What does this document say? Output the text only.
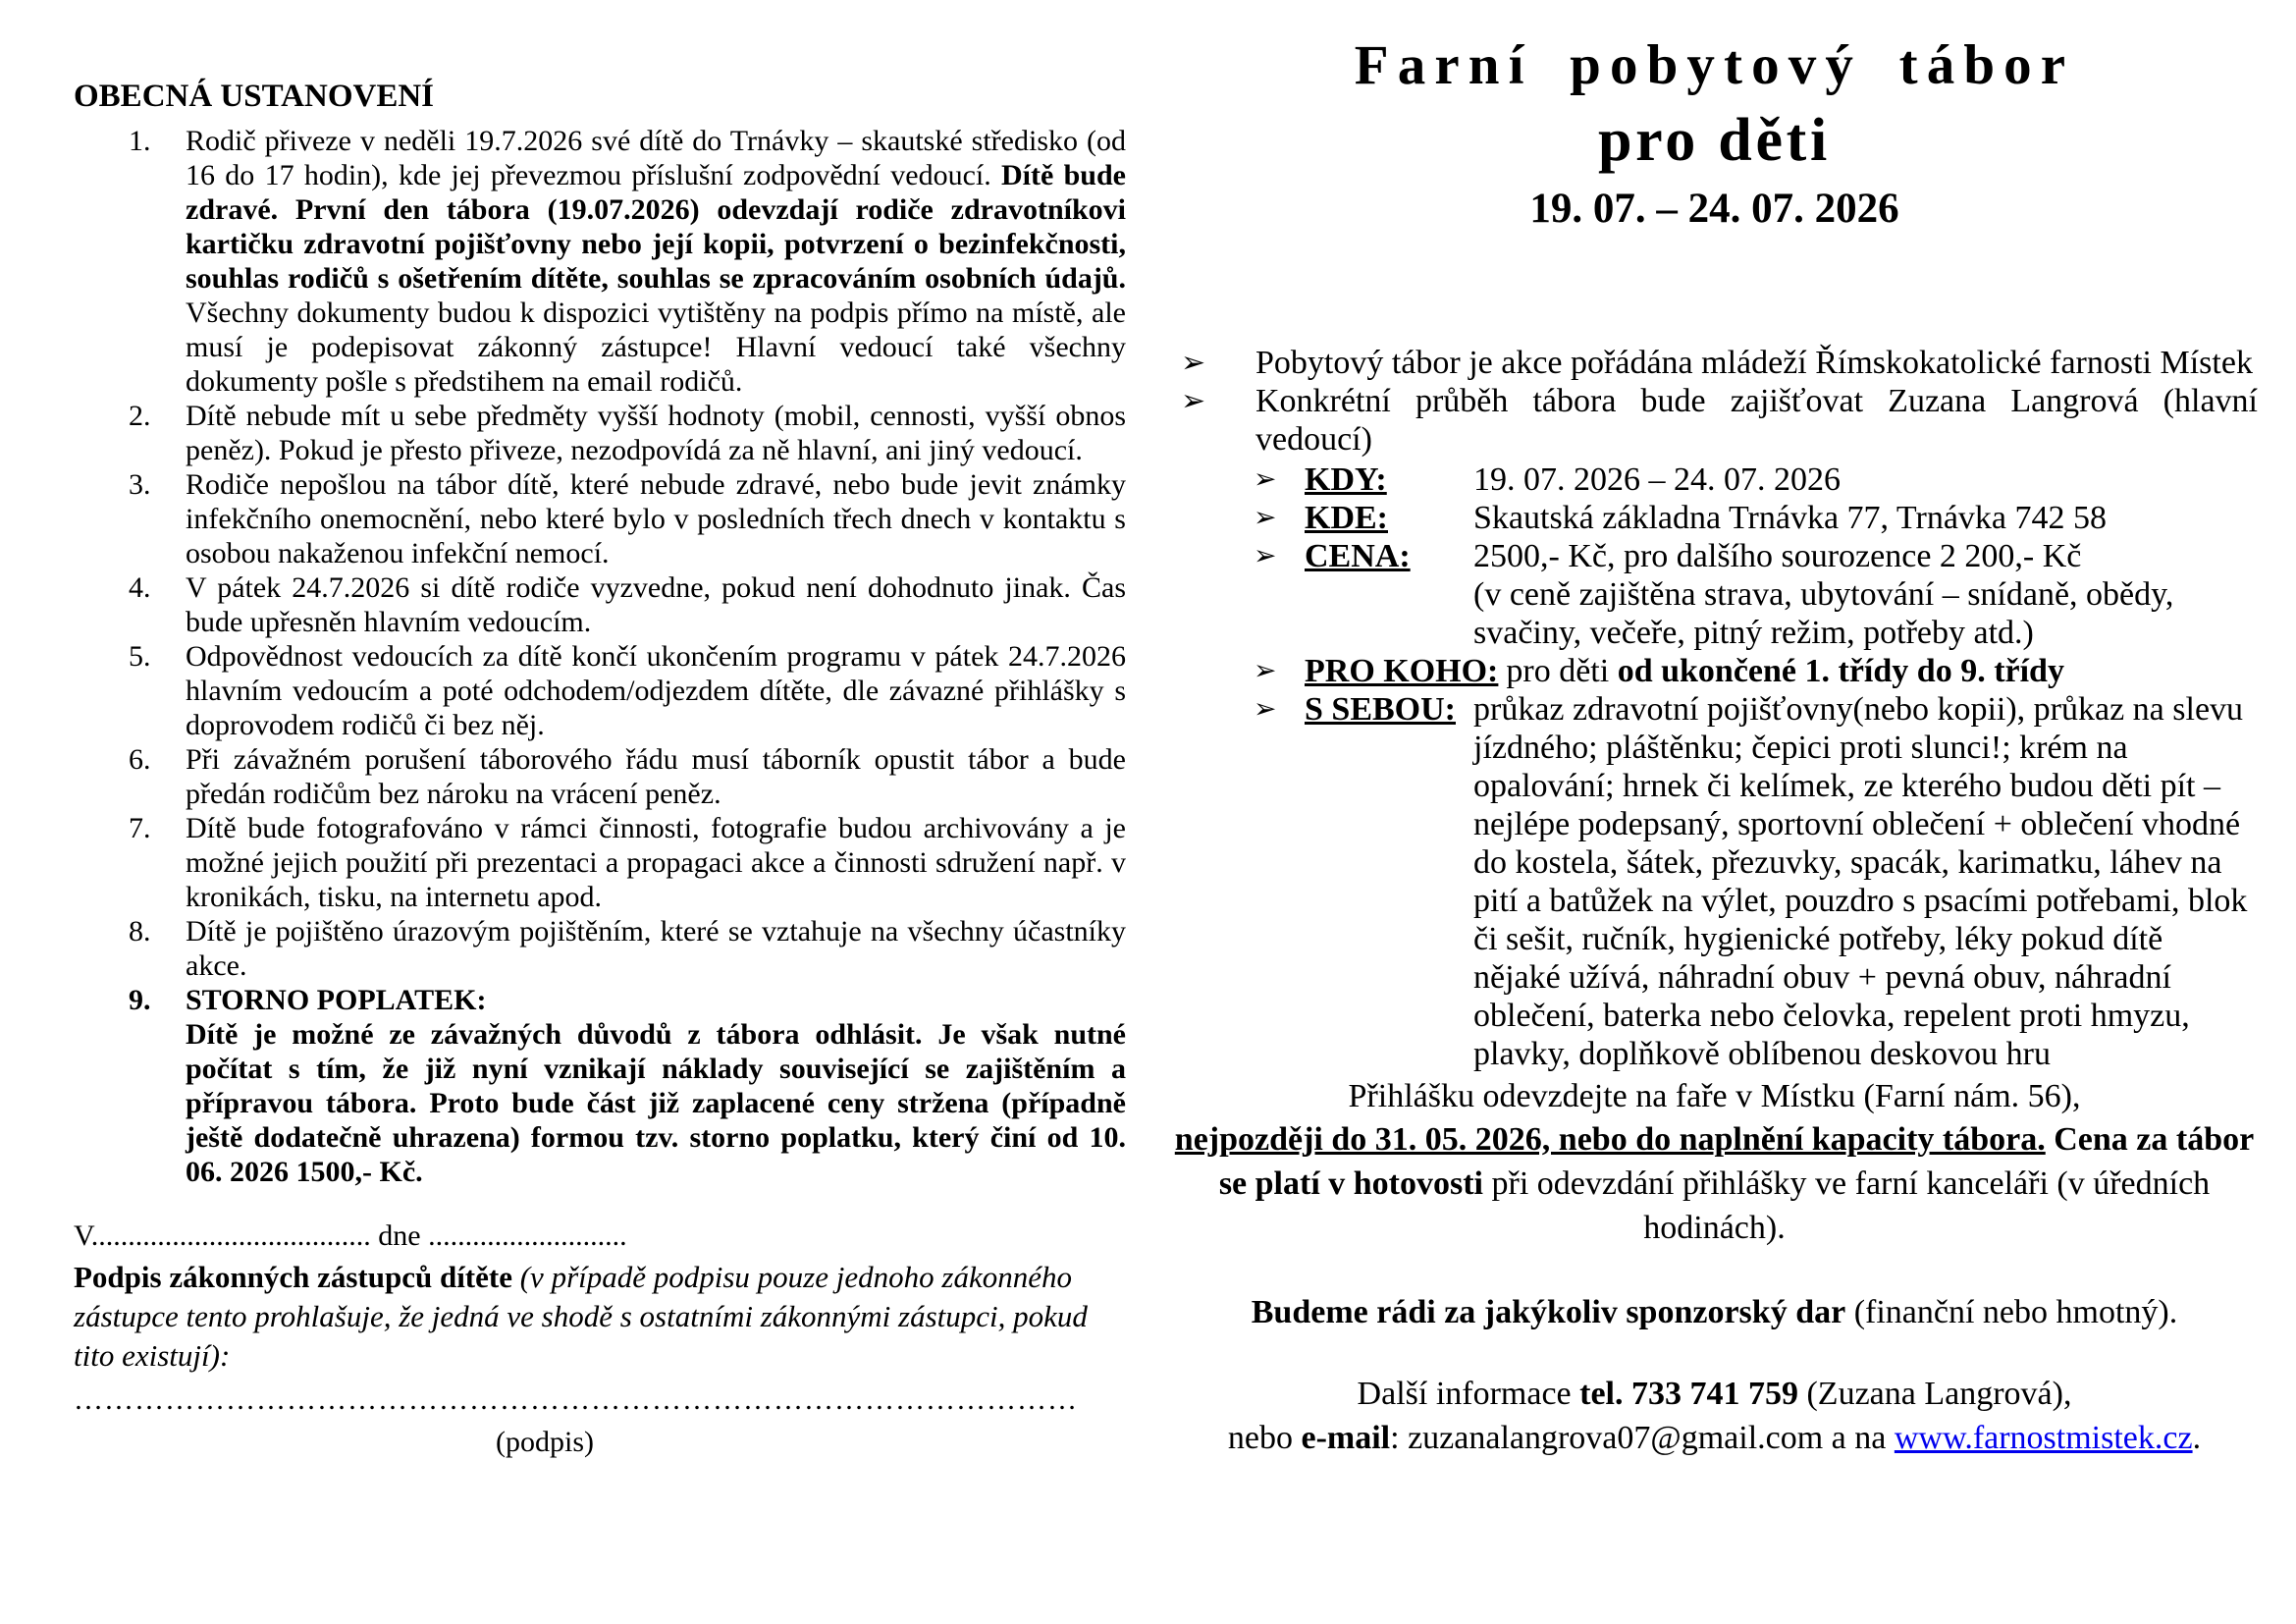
OBECNÁ USTANOVENÍ
1.	Rodič přiveze v neděli 19.7.2026 své dítě do Trnávky – skautské středisko (od 16 do 17 hodin), kde jej převezmou příslušní zodpovědní vedoucí. Dítě bude zdravé. První den tábora (19.07.2026) odevzdají rodiče zdravotníkovi kartičku zdravotní pojišťovny nebo její kopii, potvrzení o bezinfekčnosti, souhlas rodičů s ošetřením dítěte, souhlas se zpracováním osobních údajů. Všechny dokumenty budou k dispozici vytištěny na podpis přímo na místě, ale musí je podepisovat zákonný zástupce! Hlavní vedoucí také všechny dokumenty pošle s předstihem na email rodičů.
2.	Dítě nebude mít u sebe předměty vyšší hodnoty (mobil, cennosti, vyšší obnos peněz). Pokud je přesto přiveze, nezodpovídá za ně hlavní, ani jiný vedoucí.
3.	Rodiče nepošlou na tábor dítě, které nebude zdravé, nebo bude jevit známky infekčního onemocnění, nebo které bylo v posledních třech dnech v kontaktu s osobou nakaženou infekční nemocí.
4.	V pátek 24.7.2026 si dítě rodiče vyzvedne, pokud není dohodnuto jinak. Čas bude upřesněn hlavním vedoucím.
5.	Odpovědnost vedoucích za dítě končí ukončením programu v pátek 24.7.2026 hlavním vedoucím a poté odchodem/odjezdem dítěte, dle závazné přihlášky s doprovodem rodičů či bez něj.
6.	Při závažném porušení táborového řádu musí táborník opustit tábor a bude předán rodičům bez nároku na vrácení peněz.
7.	Dítě bude fotografováno v rámci činnosti, fotografie budou archivovány a je možné jejich použití při prezentaci a propagaci akce a činnosti sdružení např. v kronikách, tisku, na internetu apod.
8.	Dítě je pojištěno úrazovým pojištěním, které se vztahuje na všechny účastníky akce.
9.	STORNO POPLATEK:
Dítě je možné ze závažných důvodů z tábora odhlásit. Je však nutné počítat s tím, že již nyní vznikají náklady související se zajištěním a přípravou tábora. Proto bude část již zaplacené ceny stržena (případně ještě dodatečně uhrazena) formou tzv. storno poplatku, který činí od 10. 06. 2026 1500,- Kč.
V...................................... dne ...........................
Podpis zákonných zástupců dítěte (v případě podpisu pouze jednoho zákonného zástupce tento prohlašuje, že jedná ve shodě s ostatními zákonnými zástupci, pokud tito existují):
………………………………………………………………………………………
(podpis)
Farní pobytový tábor
pro děti
19. 07. – 24. 07. 2026
➢	Pobytový tábor je akce pořádána mládeží Římskokatolické farnosti Místek
➢	Konkrétní průběh tábora bude zajišťovat Zuzana Langrová (hlavní vedoucí)
➢ KDY:	19. 07. 2026 – 24. 07. 2026
➢ KDE:	Skautská základna Trnávka 77, Trnávka 742 58
➢ CENA:	2500,- Kč, pro dalšího sourozence 2 200,- Kč
(v ceně zajištěna strava, ubytování – snídaně, obědy, svačiny, večeře, pitný režim, potřeby atd.)
➢ PRO KOHO: pro děti od ukončené 1. třídy do 9. třídy
➢ S SEBOU: průkaz zdravotní pojišťovny(nebo kopii), průkaz na slevu jízdného; pláštěnku; čepici proti slunci!; krém na opalování; hrnek či kelímek, ze kterého budou děti pít – nejlépe podepsaný, sportovní oblečení + oblečení vhodné do kostela, šátek, přezuvky, spacák, karimatku, láhev na pití a batůžek na výlet, pouzdro s psacími potřebami, blok či sešit, ručník, hygienické potřeby, léky pokud dítě nějaké užívá, náhradní obuv + pevná obuv, náhradní oblečení, baterka nebo čelovka, repelent proti hmyzu, plavky, doplňkově oblíbenou deskovou hru
Přihlášku odevzdejte na faře v Místku (Farní nám. 56),
nejpozději do 31. 05. 2026, nebo do naplnění kapacity tábora. Cena za tábor se platí v hotovosti při odevzdání přihlášky ve farní kanceláři (v úředních hodinách).
Budeme rádi za jakýkoliv sponzorský dar (finanční nebo hmotný).
Další informace tel. 733 741 759 (Zuzana Langrová),
nebo e-mail: zuzanalangrova07@gmail.com a na www.farnostmistek.cz.
